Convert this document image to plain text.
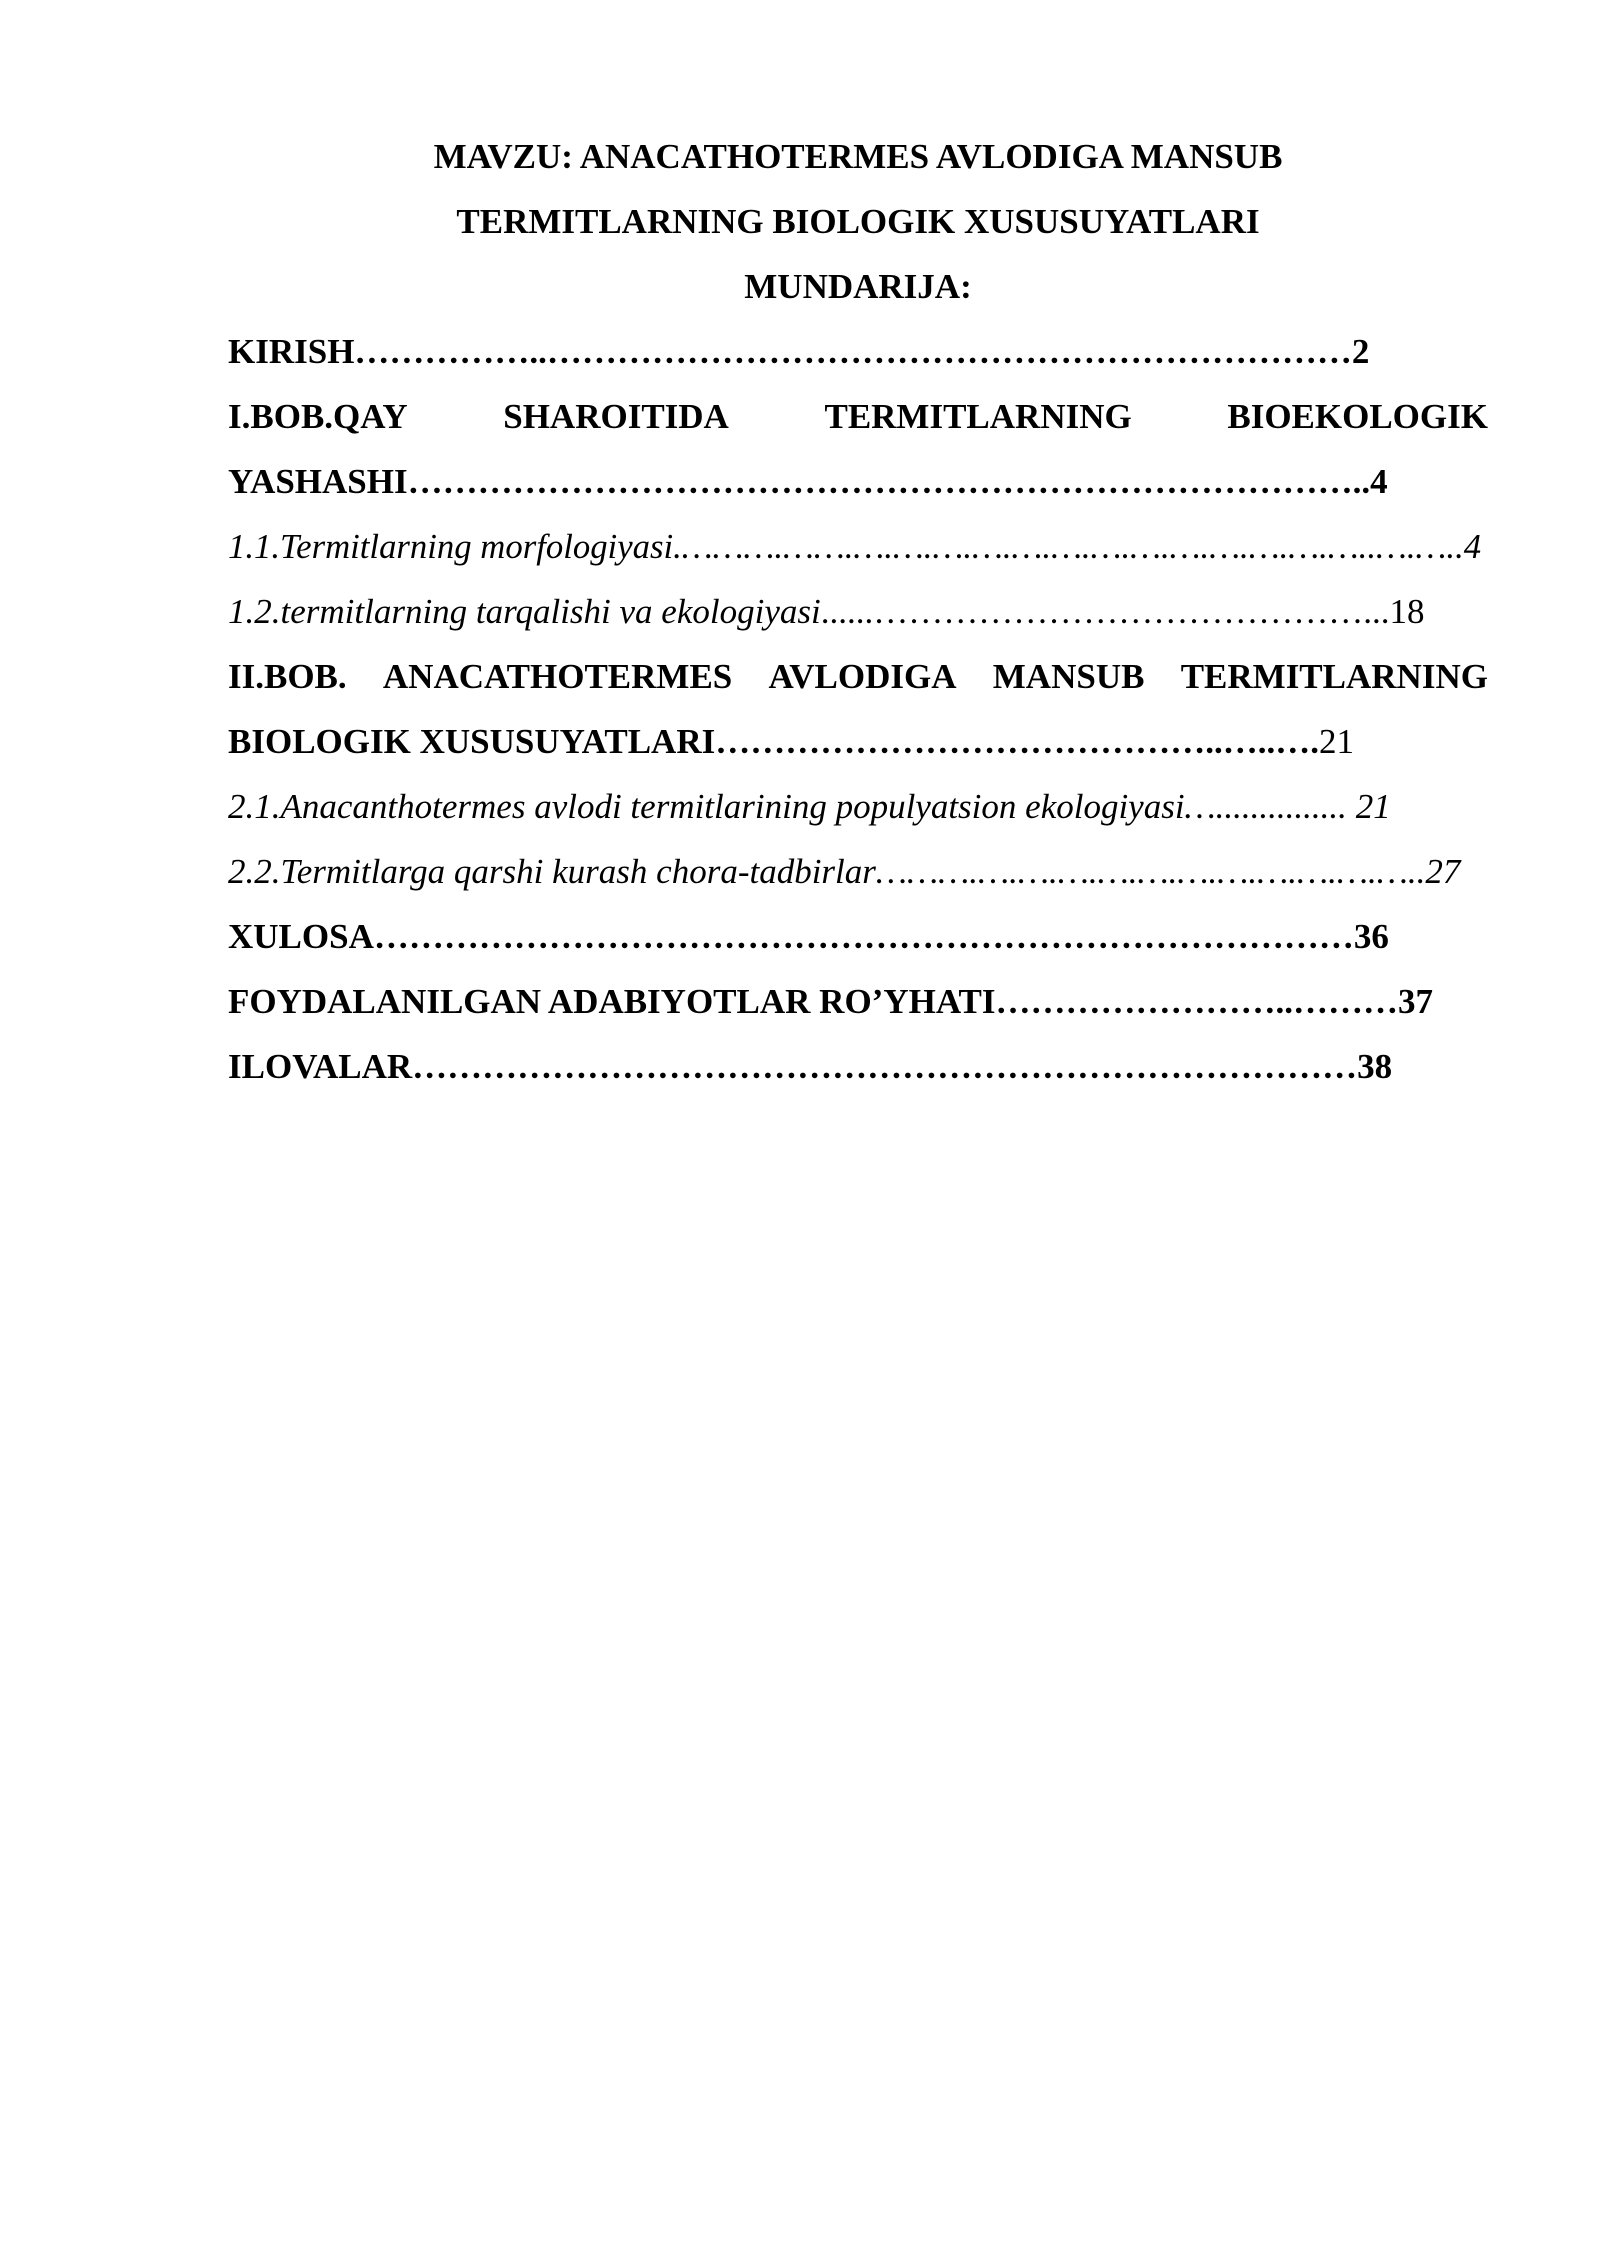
MAVZU: ANACATHOTERMES AVLODIGA MANSUB
TERMITLARNING BIOLOGIK XUSUSUYATLARI
MUNDARIJA:
KIRISH……………..……………………………………………………………2
I.BOB.QAY	SHAROITIDA	TERMITLARNING	BIOEKOLOGIK
YASHASHI………………………………………………………………………..4
1.1.Termitlarning morfologiyasi.……….…….….….….….….….….….….….….….…..….…..4
1.2.termitlarning tarqalishi va ekologiyasi......……………………………………...18
II.BOB. ANACATHOTERMES AVLODIGA MANSUB TERMITLARNING
BIOLOGIK XUSUSUYATLARI……………………………………..…..….21
2.1.Anacanthotermes avlodi termitlarining populyatsion ekologiyasi…............... 21
2.2.Termitlarga qarshi kurash chora-tadbirlar……….….….….….….….….….….….…..27
XULOSA…………………………………………………………………………36
FOYDALANILGAN ADABIYOTLAR RO’YHATI……………………..………37
ILOVALAR………………………………………………………………………38
